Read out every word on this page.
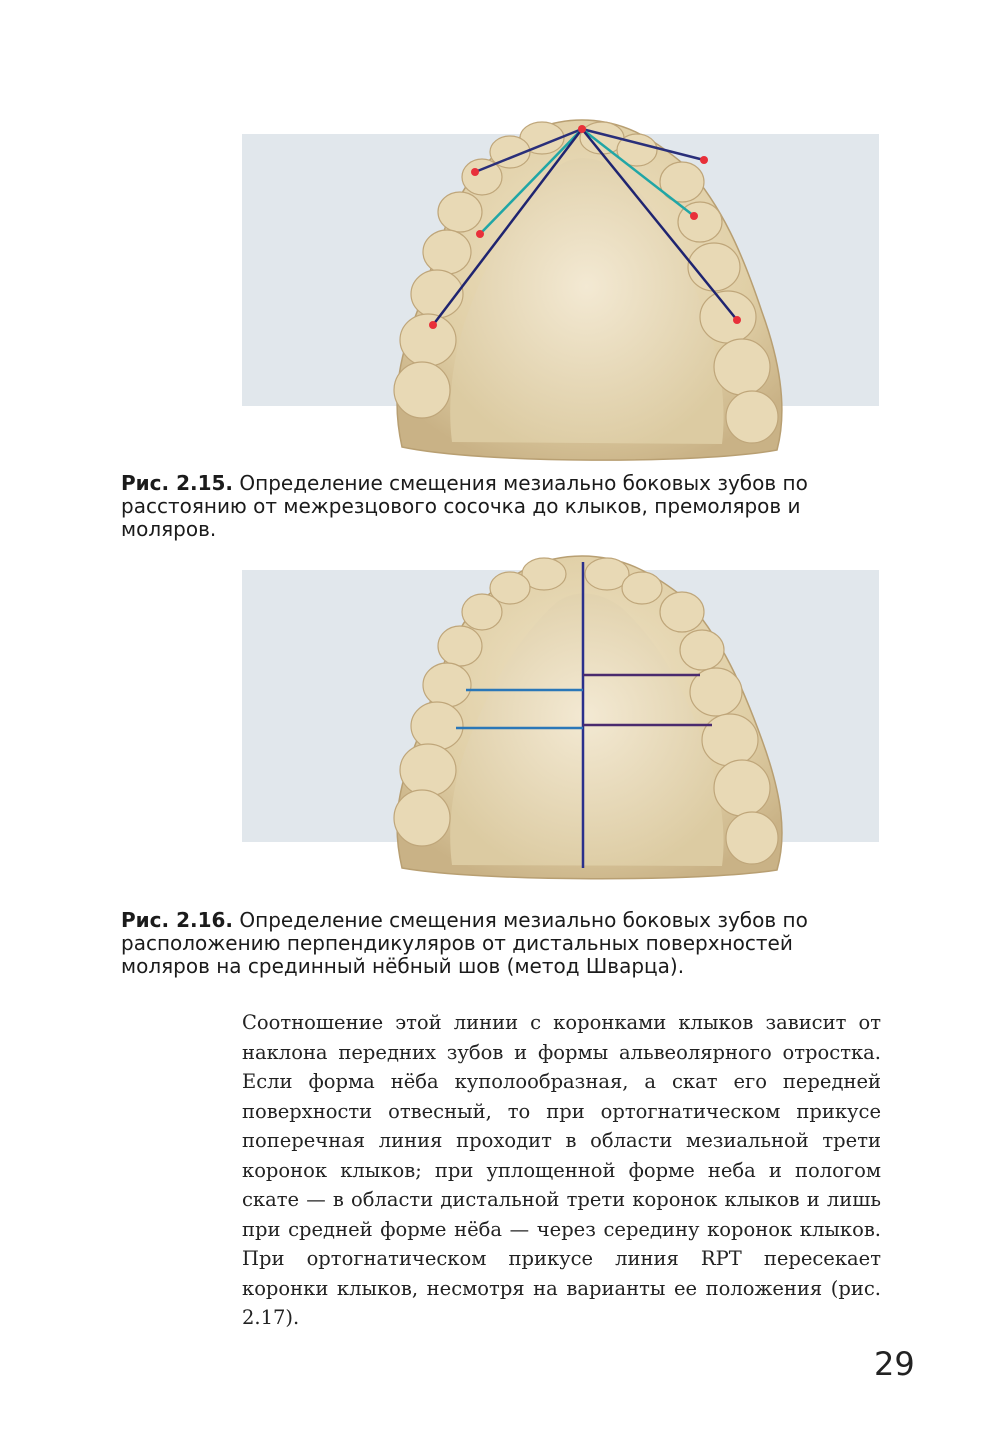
Рис. 2.15. Определение смещения мезиально боковых зубов по расстоянию от межрезцового сосочка до клыков, премоляров и моляров.

Рис. 2.16. Определение смещения мезиально боковых зубов по расположению перпендикуляров от дистальных поверхностей моляров на срединный нёбный шов (метод Шварца).

Соотношение этой линии с коронками клыков зависит от наклона передних зубов и формы альвеолярного отростка. Если форма нёба куполообразная, а скат его передней поверхности отвесный, то при ортогнатическом прикусе поперечная линия проходит в области мезиальной трети коронок клыков; при уплощенной форме неба и пологом скате — в области дистальной трети коронок клыков и лишь при средней форме нёба — через середину коронок клыков. При ортогнатическом прикусе линия RPT пересекает коронки клыков, несмотря на варианты ее положения (рис. 2.17).

29
